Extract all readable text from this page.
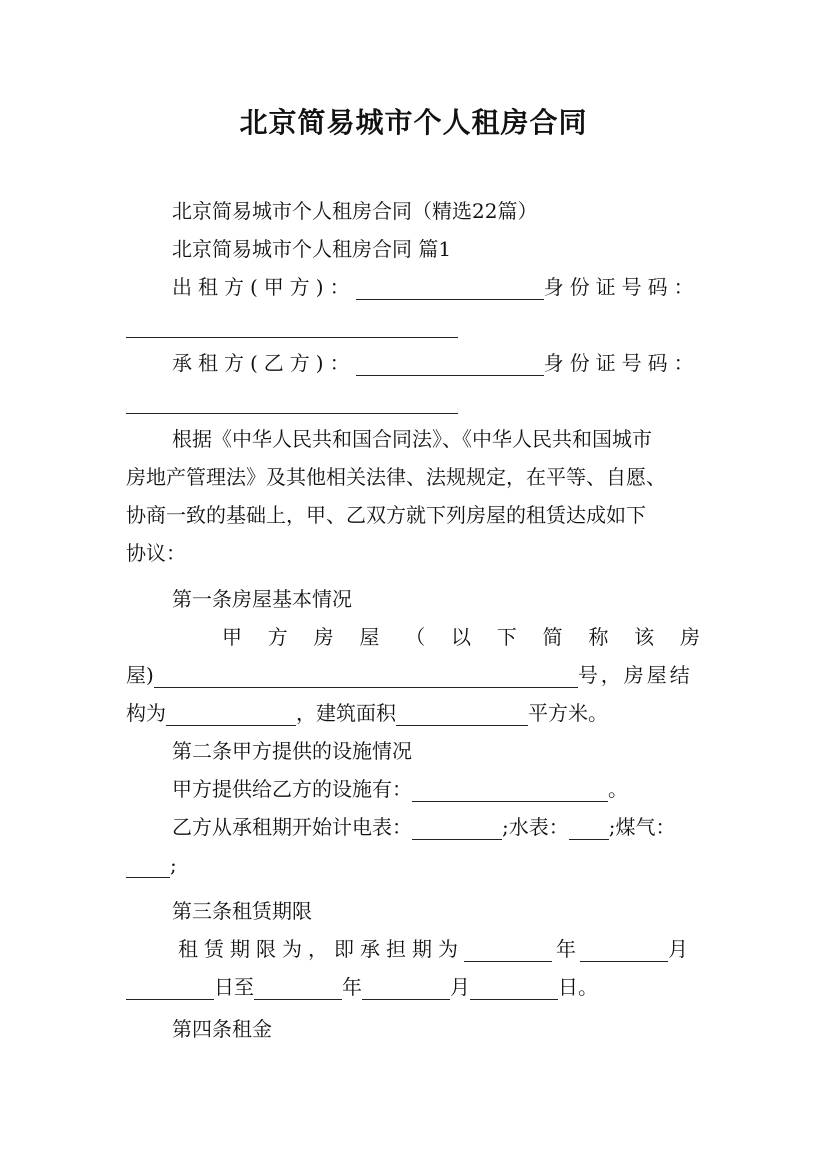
北京简易城市个人租房合同
北京简易城市个人租房合同（精选22篇）
北京简易城市个人租房合同 篇1
出租方(甲方)：	身份证号码：
承租方(乙方)：	身份证号码：
根据《中华人民共和国合同法》、《中华人民共和国城市
房地产管理法》及其他相关法律、法规规定，在平等、自愿、
协商一致的基础上，甲、乙双方就下列房屋的租赁达成如下
协议：
第一条房屋基本情况
甲 方 房 屋 （ 以 下 简 称 该 房
屋)	号，房屋结
构为	，建筑面积	平方米。
第二条甲方提供的设施情况
甲方提供给乙方的设施有：	。
乙方从承租期开始计电表：	;水表： ;煤气：
;
第三条租赁期限
租赁期限为，即承担期为	年	月
日至	年	月	日。
第四条租金
